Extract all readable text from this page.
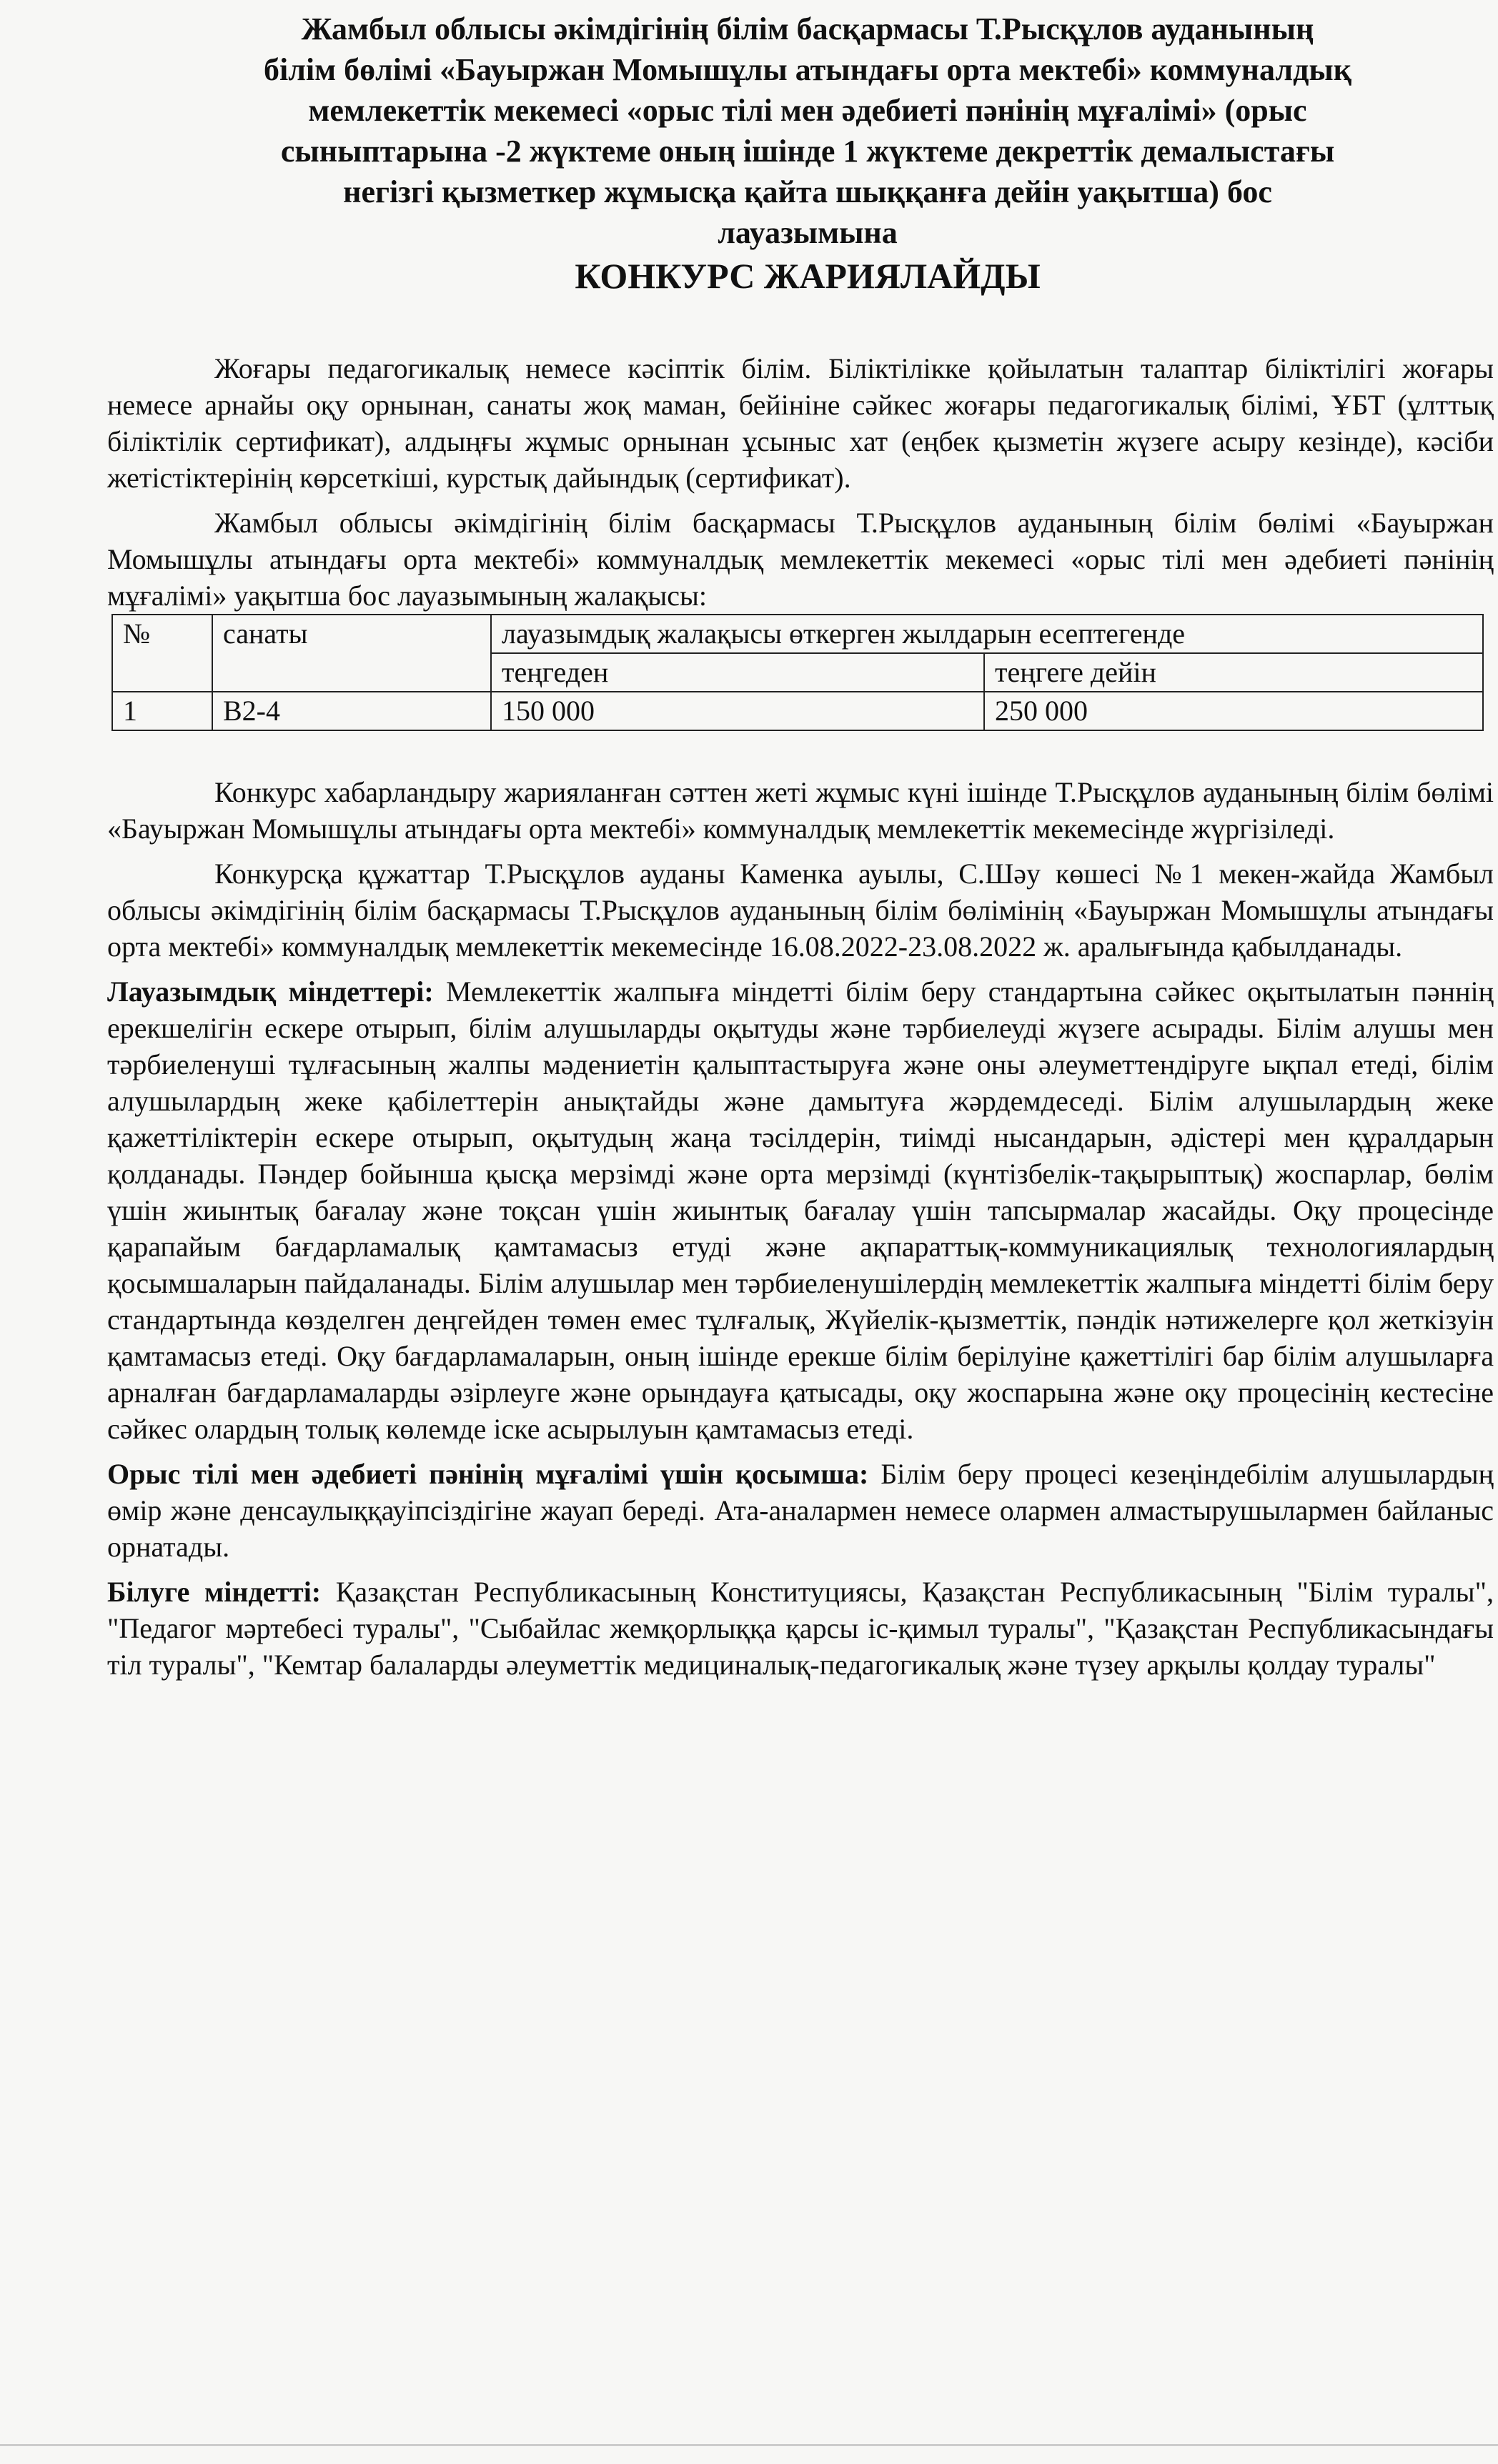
Жамбыл облысы әкімдігінің білім басқармасы Т.Рысқұлов ауданының
білім бөлімі «Бауыржан Момышұлы атындағы орта мектебі» коммуналдық
мемлекеттік мекемесі «орыс тілі мен әдебиеті пәнінің мұғалімі» (орыс
сыныптарына -2 жүктеме оның ішінде 1 жүктеме декреттік демалыстағы
негізгі қызметкер жұмысқа қайта шыққанға дейін уақытша) бос
лауазымына
КОНКУРС ЖАРИЯЛАЙДЫ

Жоғары педагогикалық немесе кәсіптік білім. Біліктілікке қойылатын талаптар біліктілігі жоғары немесе арнайы оқу орнынан, санаты жоқ маман, бейініне сәйкес жоғары педагогикалық білімі, ҰБТ (ұлттық біліктілік сертификат), алдыңғы жұмыс орнынан ұсыныс хат (еңбек қызметін жүзеге асыру кезінде), кәсіби жетістіктерінің көрсеткіші, курстық дайындық (сертификат).

Жамбыл облысы әкімдігінің білім басқармасы Т.Рысқұлов ауданының білім бөлімі «Бауыржан Момышұлы атындағы орта мектебі» коммуналдық мемлекеттік мекемесі «орыс тілі мен әдебиеті пәнінің мұғалімі» уақытша бос лауазымының жалақысы:

№	санаты	лауазымдық жалақысы өткерген жылдарын есептегенде	
		теңгеден	теңгеге дейін
1	В2-4	150 000	250 000

Конкурс хабарландыру жарияланған сәттен жеті жұмыс күні ішінде Т.Рысқұлов ауданының білім бөлімі «Бауыржан Момышұлы атындағы орта мектебі» коммуналдық мемлекеттік мекемесінде жүргізіледі.

Конкурсқа құжаттар Т.Рысқұлов ауданы Каменка ауылы, С.Шәу көшесі №1 мекен-жайда Жамбыл облысы әкімдігінің білім басқармасы Т.Рысқұлов ауданының білім бөлімінің «Бауыржан Момышұлы атындағы орта мектебі» коммуналдық мемлекеттік мекемесінде 16.08.2022-23.08.2022 ж. аралығында қабылданады.

Лауазымдық міндеттері: Мемлекеттік жалпыға міндетті білім беру стандартына сәйкес оқытылатын пәннің ерекшелігін ескере отырып, білім алушыларды оқытуды және тәрбиелеуді жүзеге асырады. Білім алушы мен тәрбиеленуші тұлғасының жалпы мәдениетін қалыптастыруға және оны әлеуметтендіруге ықпал етеді, білім алушылардың жеке қабілеттерін анықтайды және дамытуға жәрдемдеседі. Білім алушылардың жеке қажеттіліктерін ескере отырып, оқытудың жаңа тәсілдерін, тиімді нысандарын, әдістері мен құралдарын қолданады. Пәндер бойынша қысқа мерзімді және орта мерзімді (күнтізбелік-тақырыптық) жоспарлар, бөлім үшін жиынтық бағалау және тоқсан үшін жиынтық бағалау үшін тапсырмалар жасайды. Оқу процесінде қарапайым бағдарламалық қамтамасыз етуді және ақпараттық-коммуникациялық технологиялардың қосымшаларын пайдаланады. Білім алушылар мен тәрбиеленушілердің мемлекеттік жалпыға міндетті білім беру стандартында көзделген деңгейден төмен емес тұлғалық, Жүйелік-қызметтік, пәндік нәтижелерге қол жеткізуін қамтамасыз етеді. Оқу бағдарламаларын, оның ішінде ерекше білім берілуіне қажеттілігі бар білім алушыларға арналған бағдарламаларды әзірлеуге және орындауға қатысады, оқу жоспарына және оқу процесінің кестесіне сәйкес олардың толық көлемде іске асырылуын қамтамасыз етеді.

Орыс тілі мен әдебиеті пәнінің мұғалімі үшін қосымша: Білім беру процесі кезеңіндебілім алушылардың өмір және денсаулыққауіпсіздігіне жауап береді. Ата-аналармен немесе олармен алмастырушылармен байланыс орнатады.

Білуге міндетті: Қазақстан Республикасының Конституциясы, Қазақстан Республикасының "Білім туралы", "Педагог мәртебесі туралы", "Сыбайлас жемқорлыққа қарсы іс-қимыл туралы", "Қазақстан Республикасындағы тіл туралы", "Кемтар балаларды әлеуметтік медициналық-педагогикалық және түзеу арқылы қолдау туралы"
